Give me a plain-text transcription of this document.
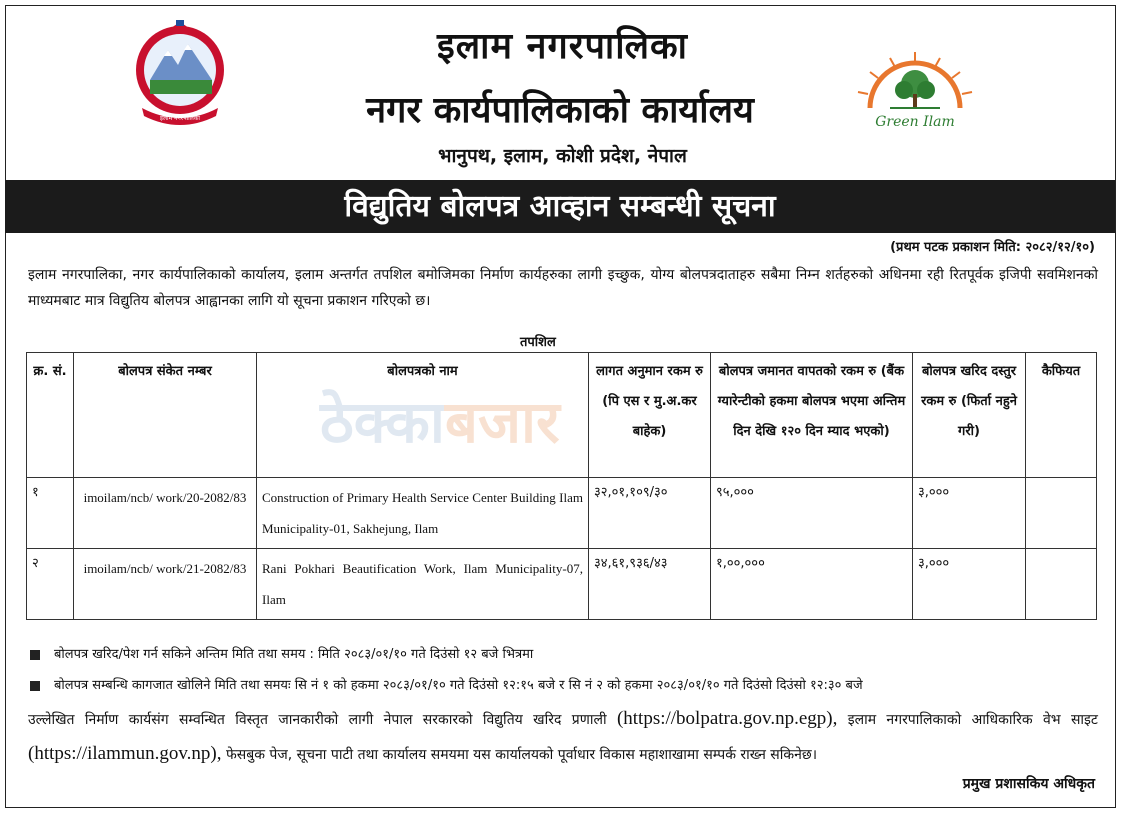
इलाम नगरपालिका	Green Ilam
इलाम नगरपालिका
नगर कार्यपालिकाको कार्यालय
भानुपथ, इलाम, कोशी प्रदेश, नेपाल
विद्युतिय बोलपत्र आव्हान सम्बन्धी सूचना
(प्रथम पटक प्रकाशन मिति: २०८२/१२/१०)
इलाम नगरपालिका, नगर कार्यपालिकाको कार्यालय, इलाम अन्तर्गत तपशिल बमोजिमका निर्माण कार्यहरुका लागी इच्छुक, योग्य बोलपत्रदाताहरु सबैमा निम्न शर्तहरुको अधिनमा रही रितपूर्वक इजिपी सवमिशनको माध्यमबाट मात्र विद्युतिय बोलपत्र आह्वानका लागि यो सूचना प्रकाशन गरिएको छ।
तपशिल
क्र. सं.	बोलपत्र संकेत नम्बर	बोलपत्रको नाम	लागत अनुमान रकम रु (पि एस र मु.अ.कर बाहेक)	बोलपत्र जमानत वापतको रकम रु (बैंक ग्यारेन्टीको हकमा बोलपत्र भएमा अन्तिम दिन देखि १२० दिन म्याद भएको)	बोलपत्र खरिद दस्तुर रकम रु (फिर्ता नहुने गरी)	कैफियत
१	imoilam/ncb/ work/20-2082/83	Construction of Primary Health Service Center Building Ilam Municipality-01, Sakhejung, Ilam	३२,०१,१०९/३०	९५,०००	३,०००	
२	imoilam/ncb/ work/21-2082/83	Rani Pokhari Beautification Work, Ilam Municipality-07, Ilam	३४,६१,९३६/४३	१,००,०००	३,०००	
ठेक्काबजार
बोलपत्र खरिद/पेश गर्न सकिने अन्तिम मिति तथा समय : मिति २०८३/०१/१० गते दिउंसो १२ बजे भित्रमा
बोलपत्र सम्बन्धि कागजात खोलिने मिति तथा समयः सि नं १ को हकमा २०८३/०१/१० गते दिउंसो १२:१५ बजे र सि नं २ को हकमा २०८३/०१/१० गते दिउंसो दिउंसो १२:३० बजे
उल्लेखित निर्माण कार्यसंग सम्वन्धित विस्तृत जानकारीको लागी नेपाल सरकारको विद्युतिय खरिद प्रणाली (https://bolpatra.gov.np.egp), इलाम नगरपालिकाको आधिकारिक वेभ साइट (https://ilammun.gov.np), फेसबुक पेज, सूचना पाटी तथा कार्यालय समयमा यस कार्यालयको पूर्वाधार विकास महाशाखामा सम्पर्क राख्न सकिनेछ।
प्रमुख प्रशासकिय अधिकृत
